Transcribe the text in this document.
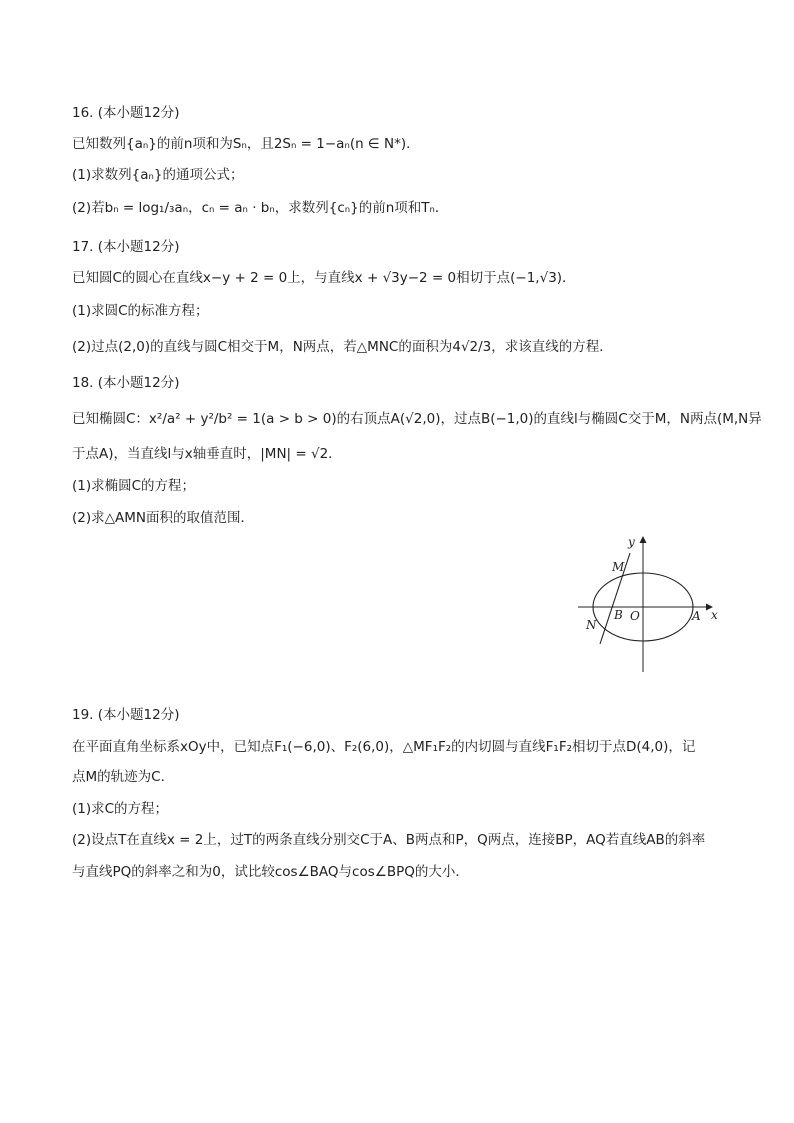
16. (本小题12分)
已知数列{aₙ}的前n项和为Sₙ，且2Sₙ = 1−aₙ(n ∈ N*)．
(1)求数列{aₙ}的通项公式；
(2)若bₙ = log₁/₃aₙ，cₙ = aₙ · bₙ，求数列{cₙ}的前n项和Tₙ．
17. (本小题12分)
已知圆C的圆心在直线x−y + 2 = 0上，与直线x + √3y−2 = 0相切于点(−1,√3)．
(1)求圆C的标准方程；
(2)过点(2,0)的直线与圆C相交于M，N两点，若△MNC的面积为4√2/3，求该直线的方程．
18. (本小题12分)
已知椭圆C：x²/a² + y²/b² = 1(a > b > 0)的右顶点A(√2,0)，过点B(−1,0)的直线l与椭圆C交于M，N两点(M,N异
于点A)，当直线l与x轴垂直时，|MN| = √2．
(1)求椭圆C的方程；
(2)求△AMN面积的取值范围．
y
x
M
N
B O	A
19. (本小题12分)
在平面直角坐标系xOy中，已知点F₁(−6,0)、F₂(6,0)，△MF₁F₂的内切圆与直线F₁F₂相切于点D(4,0)，记
点M的轨迹为C．
(1)求C的方程；
(2)设点T在直线x = 2上，过T的两条直线分别交C于A、B两点和P，Q两点，连接BP，AQ若直线AB的斜率
与直线PQ的斜率之和为0，试比较cos∠BAQ与cos∠BPQ的大小．
